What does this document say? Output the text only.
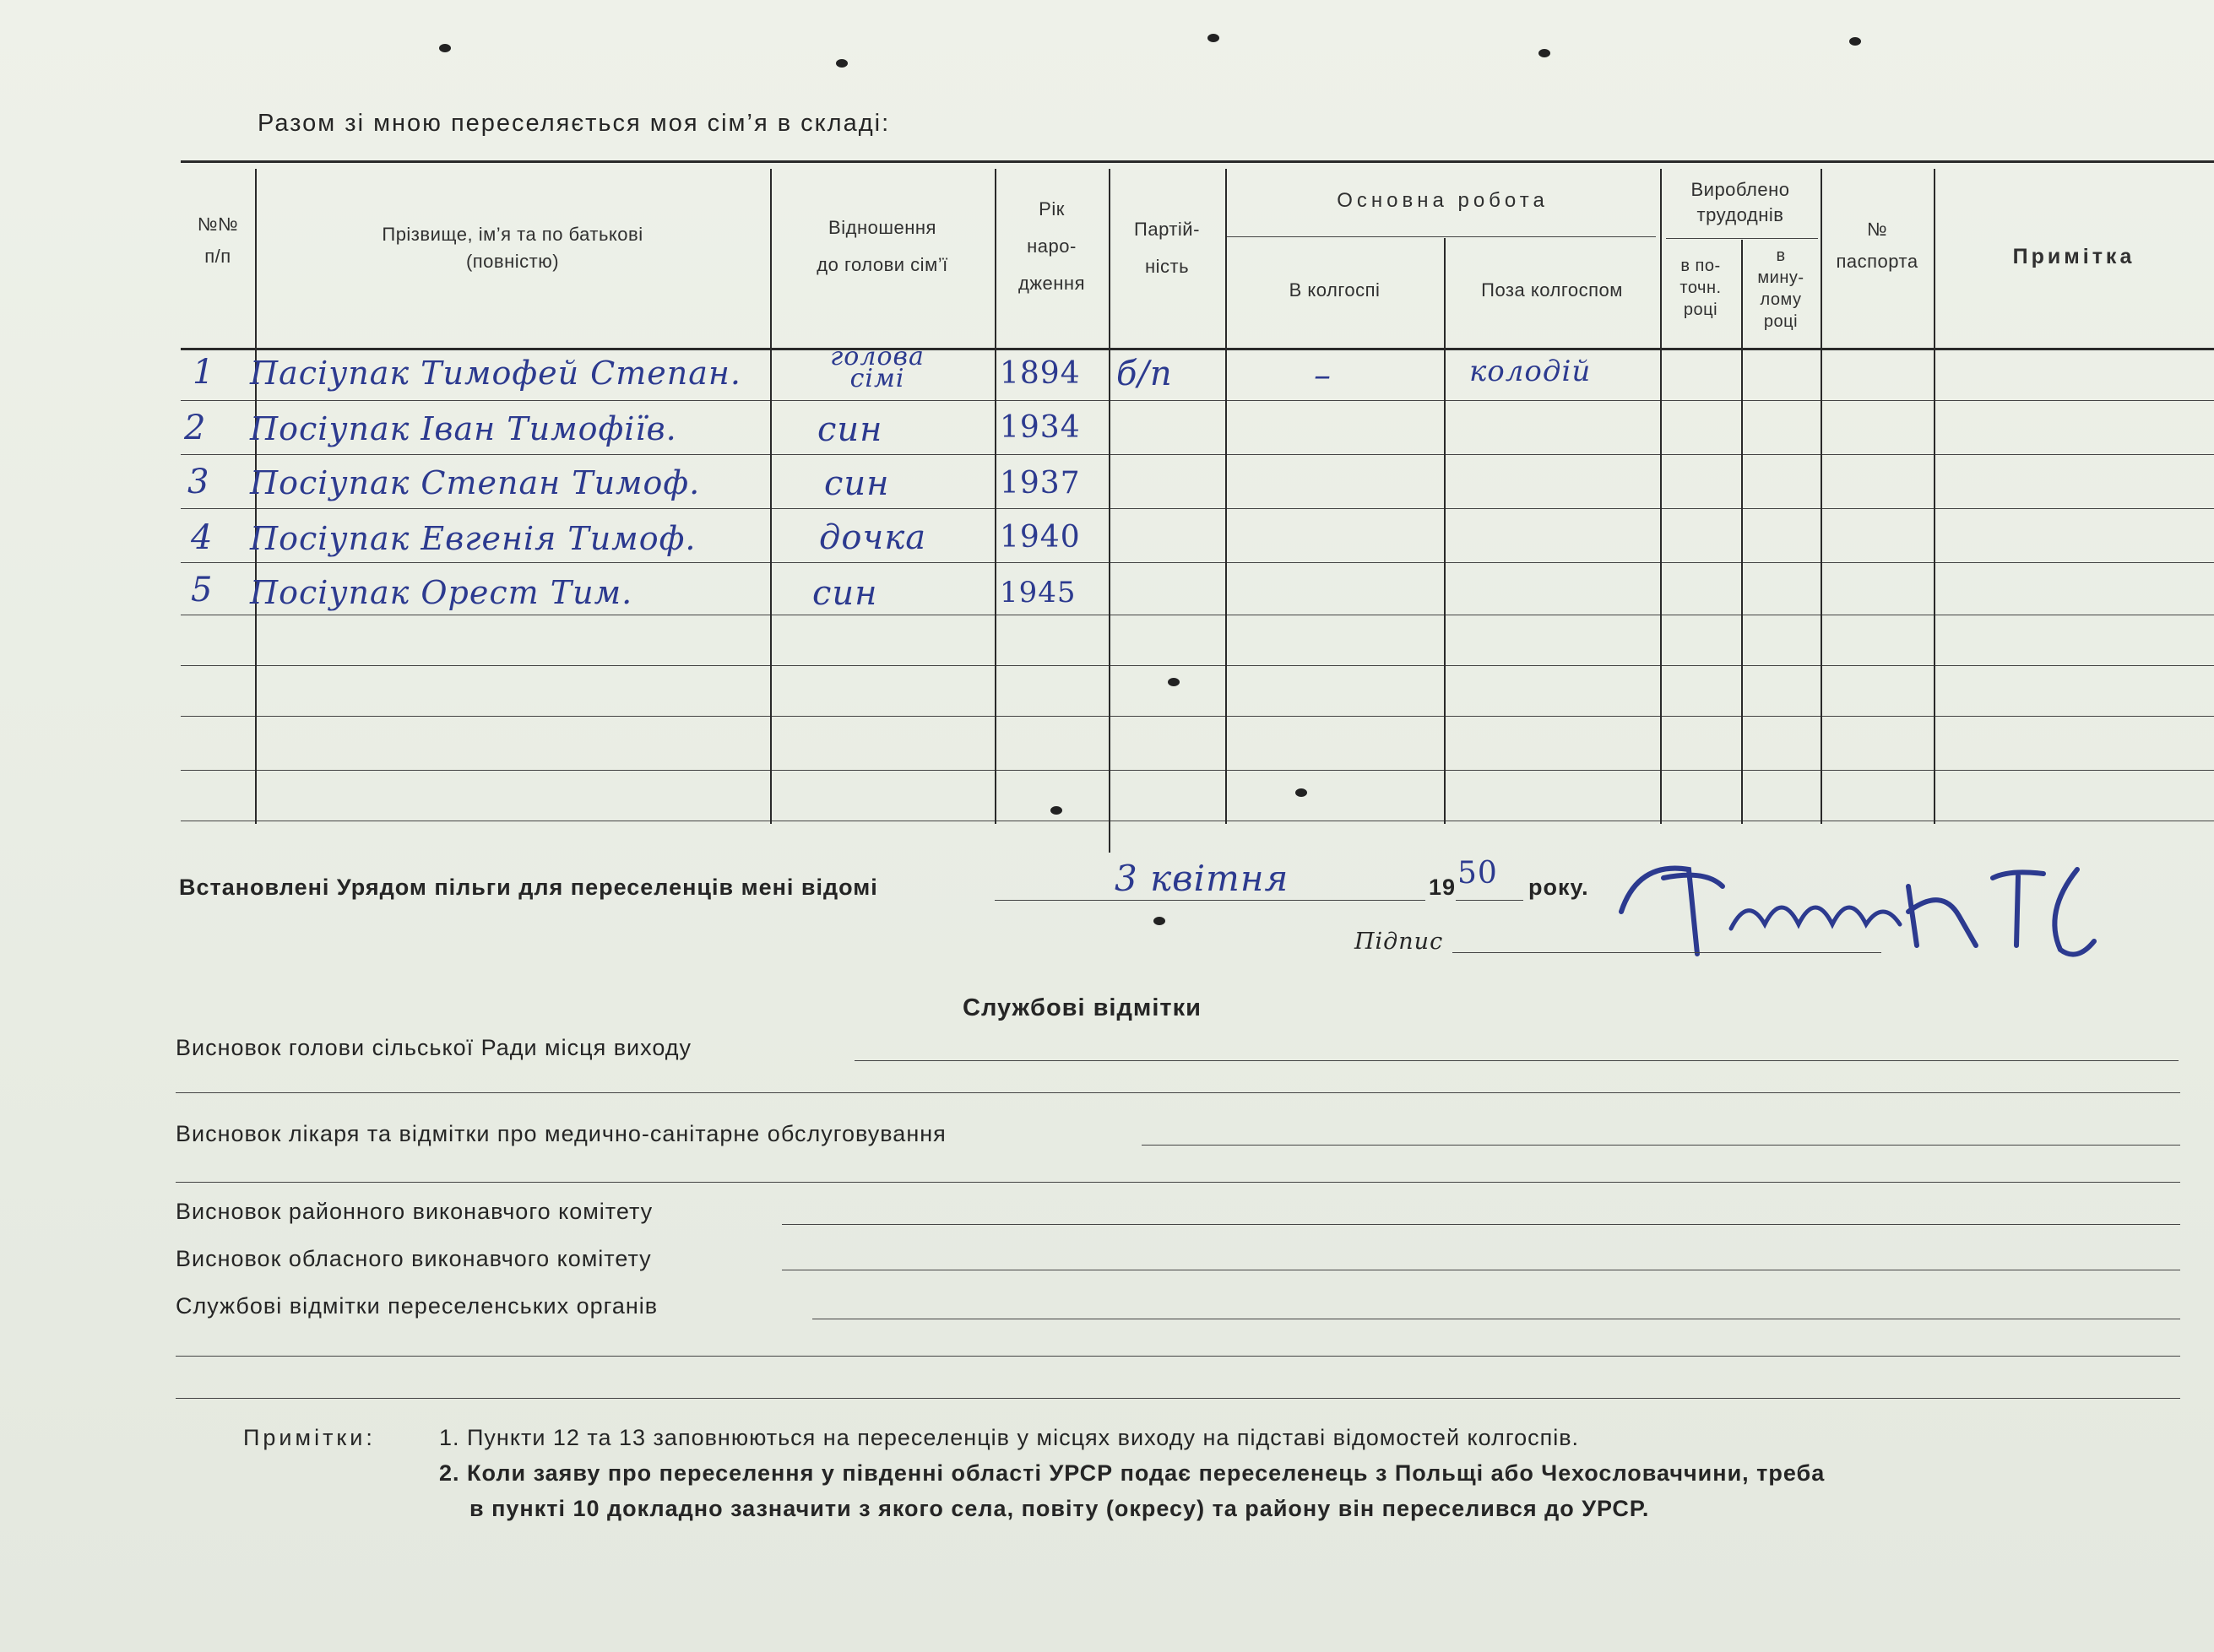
Разом зі мною переселяється моя сім’я в складі:
№№
п/п
Прізвище, ім’я та по батькові
(повністю)
Відношення
до голови сім’ї
Рік
наро-
дження
Партій-
ність
Основна робота
В колгоспі	Поза колгоспом
Вироблено
трудоднів
в по-
точн.
році
в
мину-
лому
році
№
паспорта	Примітка
1 Пасіупак Тимофей Степан.	голова сімі	1894 б/п	–	колодій
2 Посіупак Іван Тимофіїв.	син	1934
3 Посіупак Степан Тимоф.	син	1937
4 Посіупак Евгенія Тимоф.	дочка 1940
5 Посіупак Орест Тим.	син	1945
Встановлені Урядом пільги для переселенців мені відомі	3 квітня	19 50 року.
Підпис
Службові відмітки
Висновок голови сільської Ради місця виходу
Висновок лікаря та відмітки про медично-санітарне обслуговування
Висновок районного виконавчого комітету
Висновок обласного виконавчого комітету
Службові відмітки переселенських органів
Примітки:	1. Пункти 12 та 13 заповнюються на переселенців у місцях виходу на підставі відомостей колгоспів.
2. Коли заяву про переселення у південні області УРСР подає переселенець з Польщі або Чехословаччини, треба
в пункті 10 докладно зазначити з якого села, повіту (окресу) та району він переселився до УРСР.
